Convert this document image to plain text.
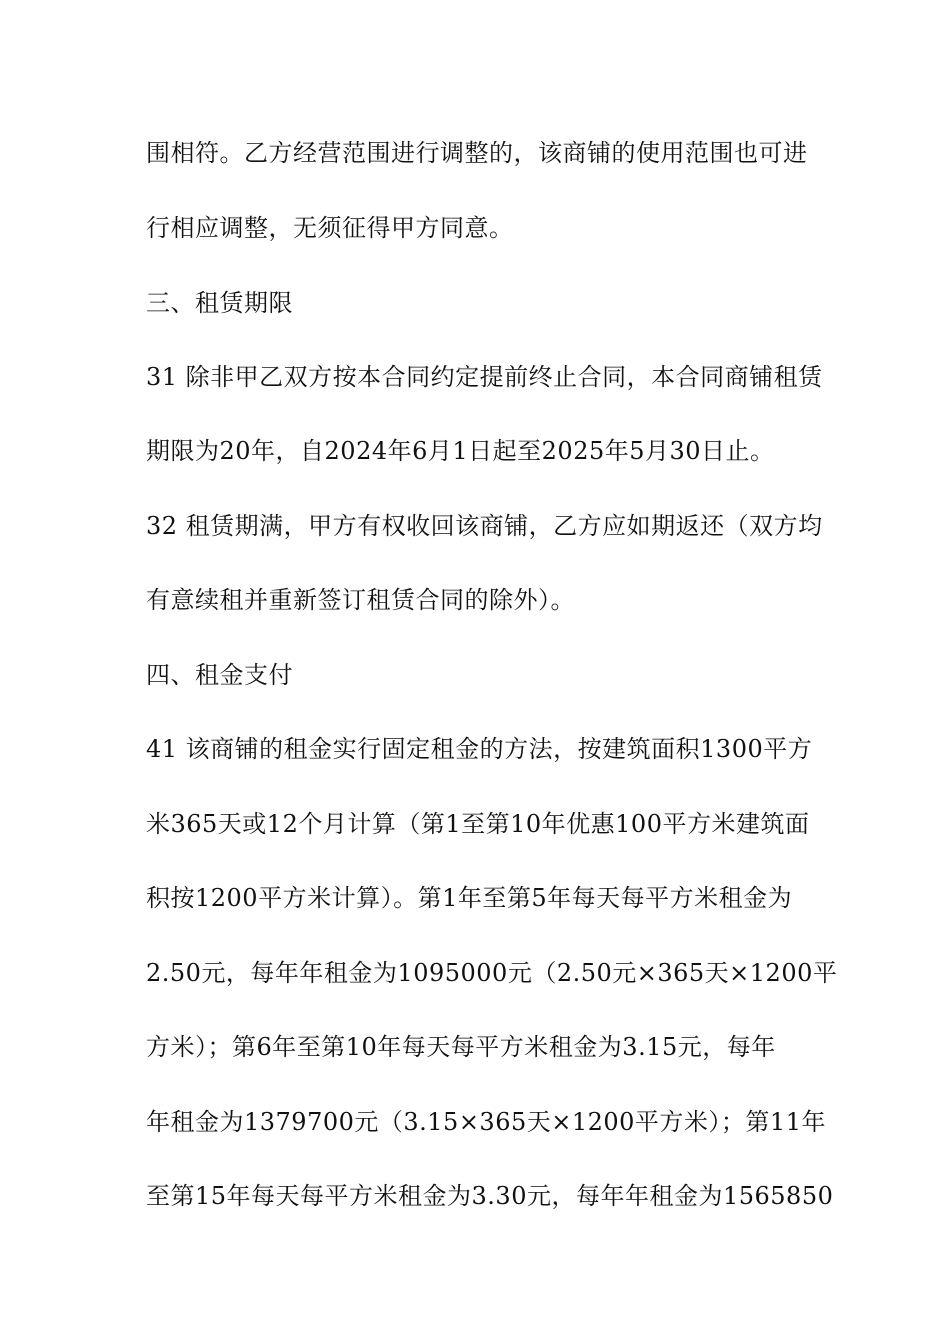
围相符。乙方经营范围进行调整的，该商铺的使用范围也可进
行相应调整，无须征得甲方同意。
三、租赁期限
31 除非甲乙双方按本合同约定提前终止合同，本合同商铺租赁
期限为20年，自2024年6月1日起至2025年5月30日止。
32 租赁期满，甲方有权收回该商铺，乙方应如期返还（双方均
有意续租并重新签订租赁合同的除外）。
四、租金支付
41 该商铺的租金实行固定租金的方法，按建筑面积1300平方
米365天或12个月计算（第1至第10年优惠100平方米建筑面
积按1200平方米计算）。第1年至第5年每天每平方米租金为
2.50元，每年年租金为1095000元（2.50元×365天×1200平
方米）；第6年至第10年每天每平方米租金为3.15元，每年
年租金为1379700元（3.15×365天×1200平方米）；第11年
至第15年每天每平方米租金为3.30元，每年年租金为1565850
